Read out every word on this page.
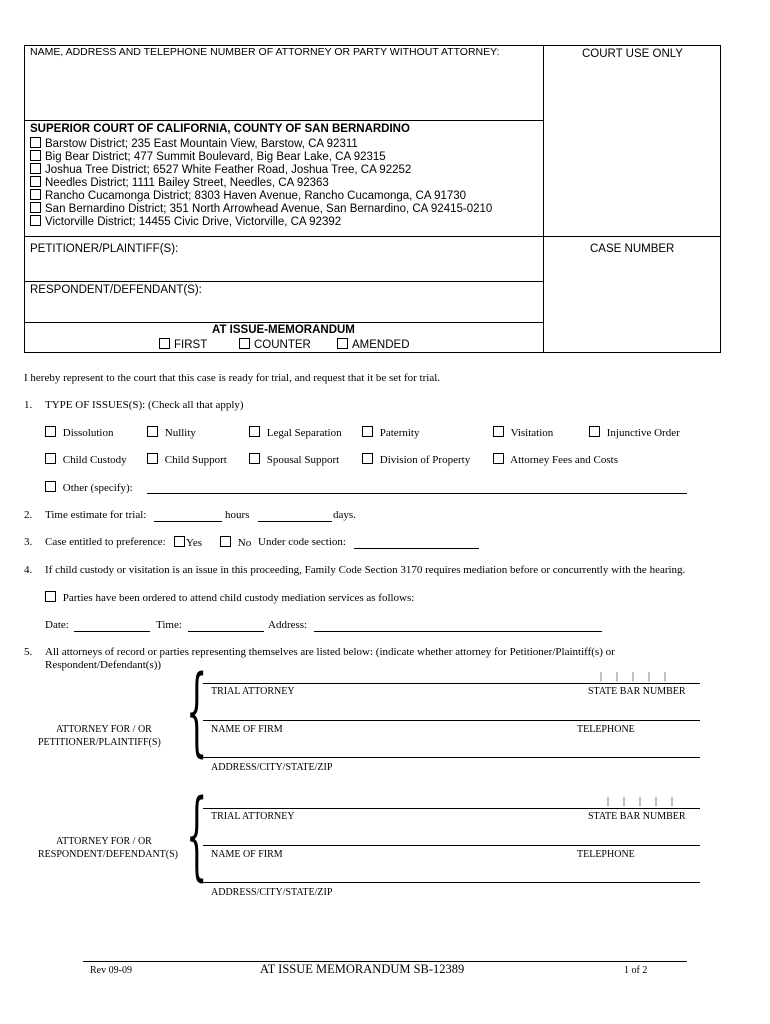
NAME, ADDRESS AND TELEPHONE NUMBER OF ATTORNEY OR PARTY WITHOUT ATTORNEY:	COURT USE ONLY
SUPERIOR COURT OF CALIFORNIA, COUNTY OF SAN BERNARDINO
Barstow District; 235 East Mountain View, Barstow, CA 92311
Big Bear District; 477 Summit Boulevard, Big Bear Lake, CA 92315
Joshua Tree District; 6527 White Feather Road, Joshua Tree, CA 92252
Needles District; 1111 Bailey Street, Needles, CA 92363
Rancho Cucamonga District; 8303 Haven Avenue, Rancho Cucamonga, CA 91730
San Bernardino District; 351 North Arrowhead Avenue, San Bernardino, CA 92415-0210
Victorville District; 14455 Civic Drive, Victorville, CA 92392
PETITIONER/PLAINTIFF(S):	CASE NUMBER
RESPONDENT/DEFENDANT(S):
AT ISSUE-MEMORANDUM
FIRST	COUNTER	AMENDED
I hereby represent to the court that this case is ready for trial, and request that it be set for trial.
1. TYPE OF ISSUES(S): (Check all that apply)
Dissolution	Nullity	Legal Separation	Paternity	Visitation	Injunctive Order
Child Custody	Child Support	Spousal Support	Division of Property	Attorney Fees and Costs
Other (specify):
2. Time estimate for trial:	hours	days.
3. Case entitled to preference:	Yes	No Under code section:
4. If child custody or visitation is an issue in this proceeding, Family Code Section 3170 requires mediation before or concurrently with the hearing.
Parties have been ordered to attend child custody mediation services as follows:
Date:	Time:	Address:
5. All attorneys of record or parties representing themselves are listed below: (indicate whether attorney for Petitioner/Plaintiff(s) or
Respondent/Defendant(s)) {	| | | | |
TRIAL ATTORNEY	STATE BAR NUMBER
NAME OF FIRM	TELEPHONE
ADDRESS/CITY/STATE/ZIP
ATTORNEY FOR / OR
PETITIONER/PLAINTIFF(S)
{	| | | | |
TRIAL ATTORNEY	STATE BAR NUMBER
NAME OF FIRM	TELEPHONE
ADDRESS/CITY/STATE/ZIP
ATTORNEY FOR / OR
RESPONDENT/DEFENDANT(S)
Rev 09-09	AT ISSUE MEMORANDUM SB-12389	1 of 2
